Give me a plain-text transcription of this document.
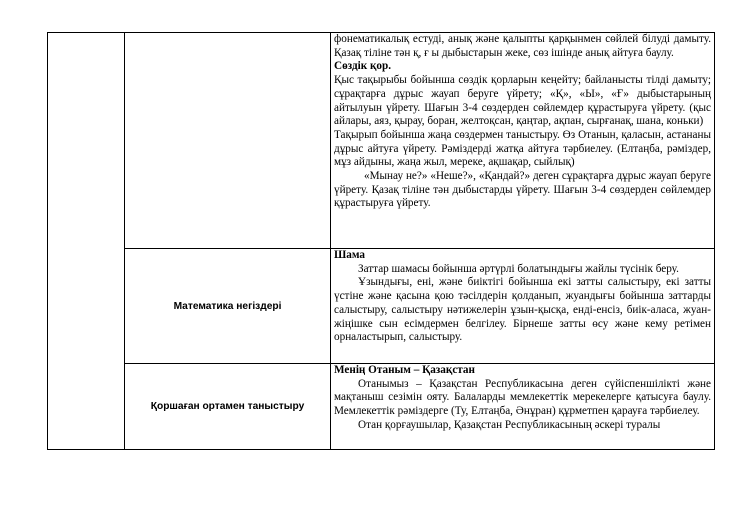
		фонематикалық естуді, анық және қалыпты қарқынмен сөйлей білуді дамыту. Қазақ тіліне тән қ, ғ ы дыбыстарын жеке, сөз ішінде анық айтуға баулу.

Сөздік қор.

Қыс тақырыбы бойынша сөздік қорларын кеңейту; байланысты тілді дамыту; сұрақтарға дұрыс жауап беруге үйрету; «Қ», «Ы», «Ғ» дыбыстарының айтылуын үйрету. Шағын 3-4 сөздерден сөйлемдер құрастыруға үйрету. (қыс айлары, аяз, қырау, боран, желтоқсан, қаңтар, ақпан, сырғанақ, шана, коньки)

Тақырып бойынша жаңа сөздермен таныстыру. Өз Отанын, қаласын, астананы дұрыс айтуға үйрету. Рәміздерді жатқа айтуға тәрбиелеу. (Елтаңба, рәміздер, мұз айдыны, жаңа жыл, мереке, ақшақар, сыйлық)

«Мынау не?» «Неше?», «Қандай?» деген сұрақтарға дұрыс жауап беруге үйрету. Қазақ тіліне тән дыбыстарды үйрету. Шағын 3-4 сөздерден сөйлемдер құрастыруға үйрету.

	Математика негіздері	Шама

Заттар шамасы бойынша әртүрлі болатындығы жайлы түсінік беру.

Ұзындығы, ені, және биіктігі бойынша екі затты салыстыру, екі затты үстіне және қасына қою тәсілдерін қолданып, жуандығы бойынша заттарды салыстыру, салыстыру нәтижелерін ұзын-қысқа, енді-енсіз, биік-аласа, жуан-жіңішке сын есімдермен белгілеу. Бірнеше затты өсу және кему ретімен орналастырып, салыстыру.

	Қоршаған ортамен таныстыру	Менің Отаным – Қазақстан

Отанымыз – Қазақстан Республикасына деген сүйіспеншілікті және мақтаныш сезімін ояту. Балаларды мемлекеттік мерекелерге қатысуға баулу. Мемлекеттік рәміздерге (Ту, Елтаңба, Әнұран) құрметпен қарауға тәрбиелеу.

Отан қорғаушылар, Қазақстан Республикасының әскері туралы
